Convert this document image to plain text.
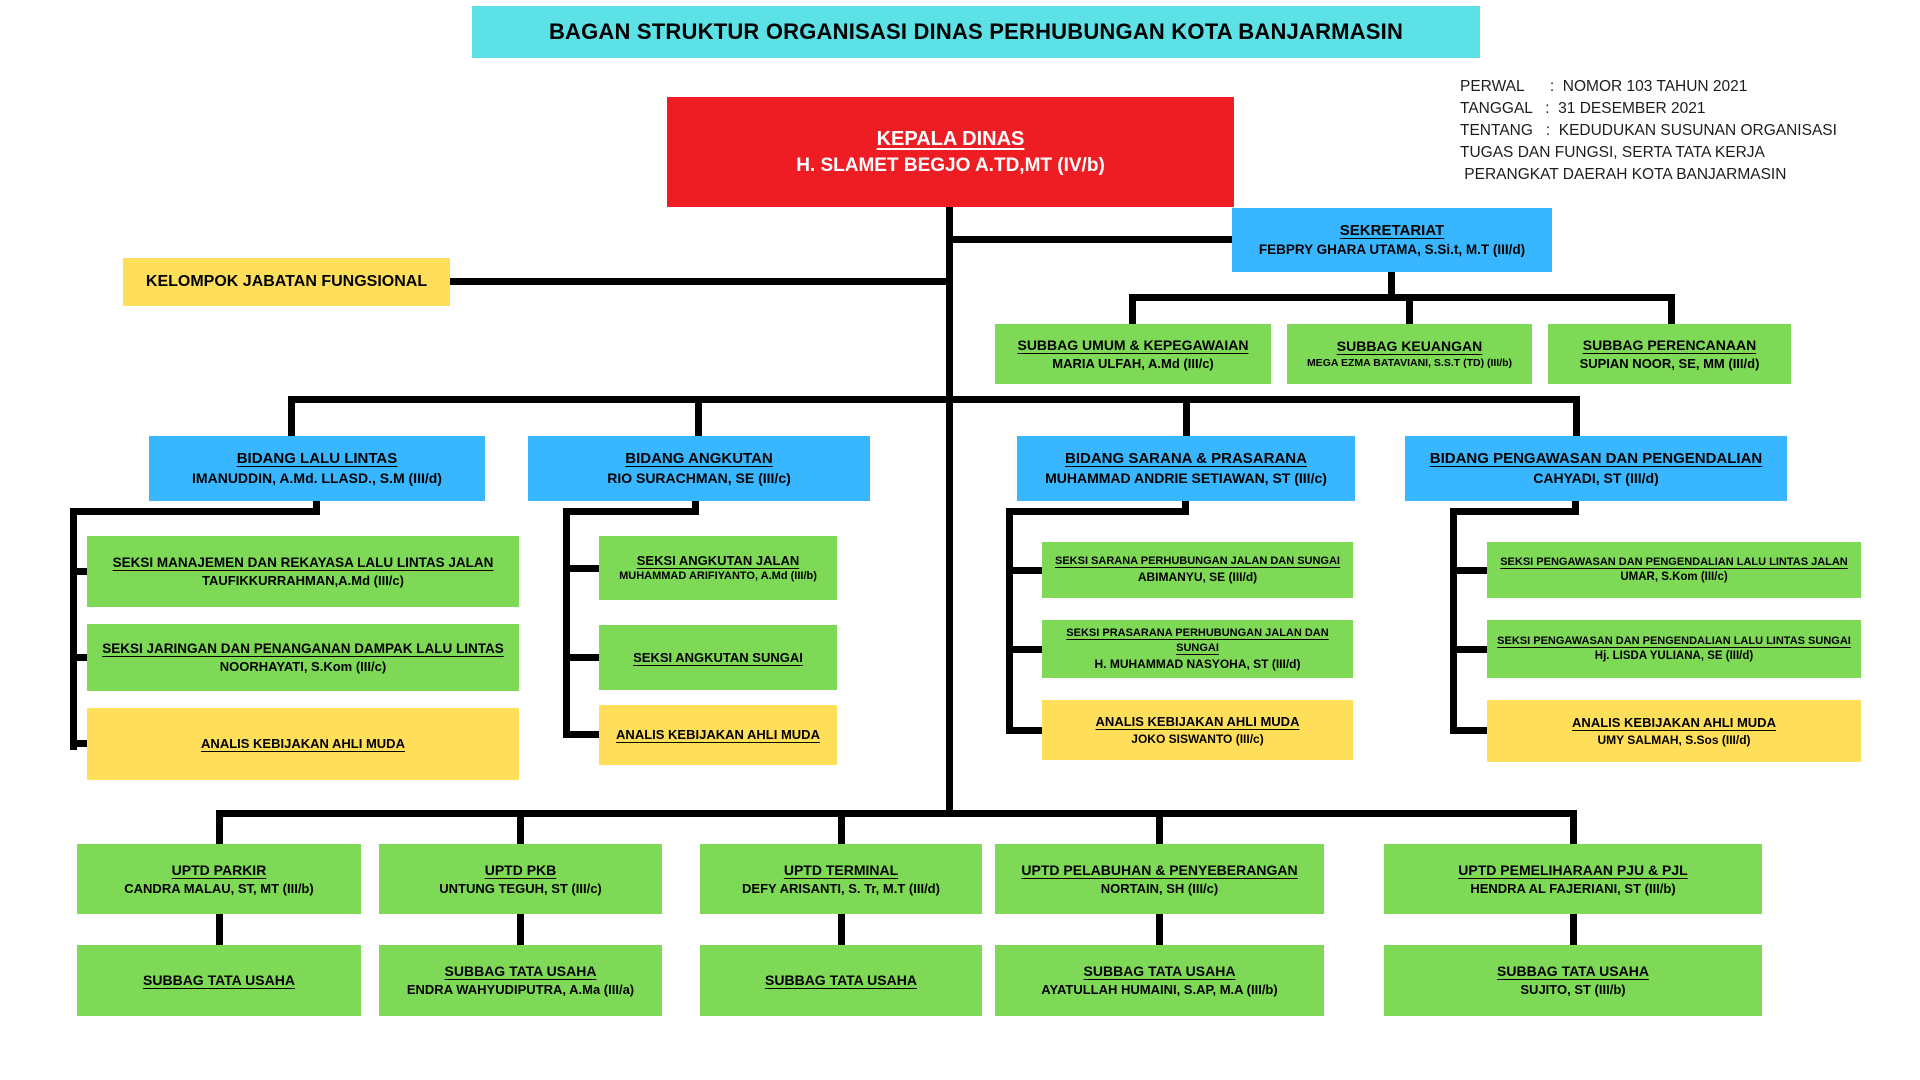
BAGAN STRUKTUR ORGANISASI DINAS PERHUBUNGAN KOTA BANJARMASIN
PERWAL      :  NOMOR 103 TAHUN 2021
TANGGAL   :  31 DESEMBER 2021
TENTANG   :  KEDUDUKAN SUSUNAN ORGANISASI
TUGAS DAN FUNGSI, SERTA TATA KERJA
PERANGKAT DAERAH KOTA BANJARMASIN
KEPALA DINAS
H. SLAMET BEGJO A.TD,MT (IV/b)
SEKRETARIAT
FEBPRY GHARA UTAMA, S.Si.t, M.T (III/d)
KELOMPOK JABATAN FUNGSIONAL
SUBBAG UMUM & KEPEGAWAIAN
MARIA ULFAH, A.Md (III/c)
SUBBAG KEUANGAN
MEGA EZMA BATAVIANI, S.S.T (TD) (III/b)
SUBBAG PERENCANAAN
SUPIAN NOOR, SE, MM (III/d)
BIDANG LALU LINTAS
IMANUDDIN, A.Md. LLASD., S.M (III/d)
BIDANG ANGKUTAN
RIO SURACHMAN, SE (III/c)
BIDANG SARANA & PRASARANA
MUHAMMAD ANDRIE SETIAWAN, ST (III/c)
BIDANG PENGAWASAN DAN PENGENDALIAN
CAHYADI, ST (III/d)
SEKSI MANAJEMEN DAN REKAYASA LALU LINTAS JALAN
TAUFIKKURRAHMAN,A.Md (III/c)
SEKSI JARINGAN DAN PENANGANAN DAMPAK LALU LINTAS
NOORHAYATI, S.Kom (III/c)
ANALIS KEBIJAKAN AHLI MUDA
SEKSI ANGKUTAN JALAN
MUHAMMAD ARIFIYANTO, A.Md (III/b)
SEKSI ANGKUTAN SUNGAI
ANALIS KEBIJAKAN AHLI MUDA
SEKSI SARANA PERHUBUNGAN JALAN DAN SUNGAI
ABIMANYU, SE (III/d)
SEKSI PRASARANA PERHUBUNGAN JALAN DAN SUNGAI
H. MUHAMMAD NASYOHA, ST (III/d)
ANALIS KEBIJAKAN AHLI MUDA
JOKO SISWANTO (III/c)
SEKSI PENGAWASAN DAN PENGENDALIAN LALU LINTAS JALAN
UMAR, S.Kom (III/c)
SEKSI PENGAWASAN DAN PENGENDALIAN LALU LINTAS SUNGAI
Hj. LISDA YULIANA, SE (III/d)
ANALIS KEBIJAKAN AHLI MUDA
UMY SALMAH, S.Sos (III/d)
UPTD PARKIR
CANDRA MALAU, ST, MT (III/b)
UPTD PKB
UNTUNG TEGUH, ST (III/c)
UPTD TERMINAL
DEFY ARISANTI, S. Tr, M.T (III/d)
UPTD PELABUHAN & PENYEBERANGAN
NORTAIN, SH (III/c)
UPTD PEMELIHARAAN PJU & PJL
HENDRA AL FAJERIANI, ST (III/b)
SUBBAG TATA USAHA
SUBBAG TATA USAHA
ENDRA WAHYUDIPUTRA, A.Ma (III/a)
SUBBAG TATA USAHA
SUBBAG TATA USAHA
AYATULLAH HUMAINI, S.AP, M.A (III/b)
SUBBAG TATA USAHA
SUJITO, ST (III/b)
